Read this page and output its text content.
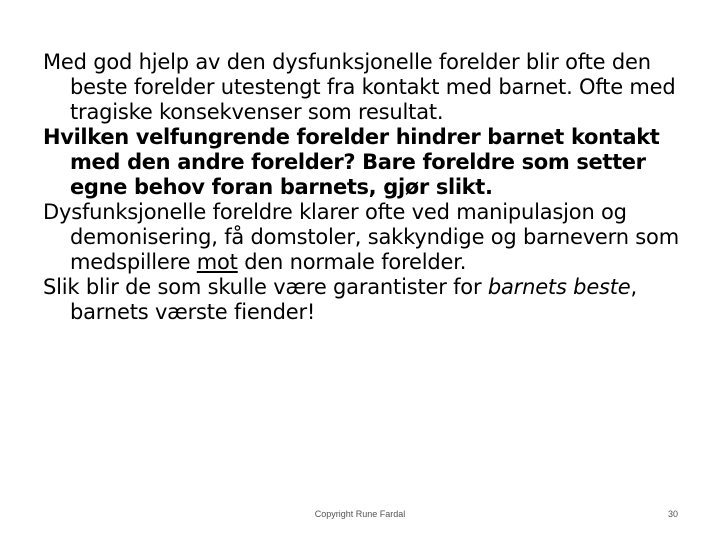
Med god hjelp av den dysfunksjonelle forelder blir ofte den beste forelder utestengt fra kontakt med barnet. Ofte med tragiske konsekvenser som resultat.

Hvilken velfungrende forelder hindrer barnet kontakt med den andre forelder? Bare foreldre som setter egne behov foran barnets, gjør slikt.

Dysfunksjonelle foreldre klarer ofte ved manipulasjon og demonisering, få domstoler, sakkyndige og barnevern som medspillere mot den normale forelder.

Slik blir de som skulle være garantister for barnets beste, barnets værste fiender!

Copyright Rune Fardal	30
